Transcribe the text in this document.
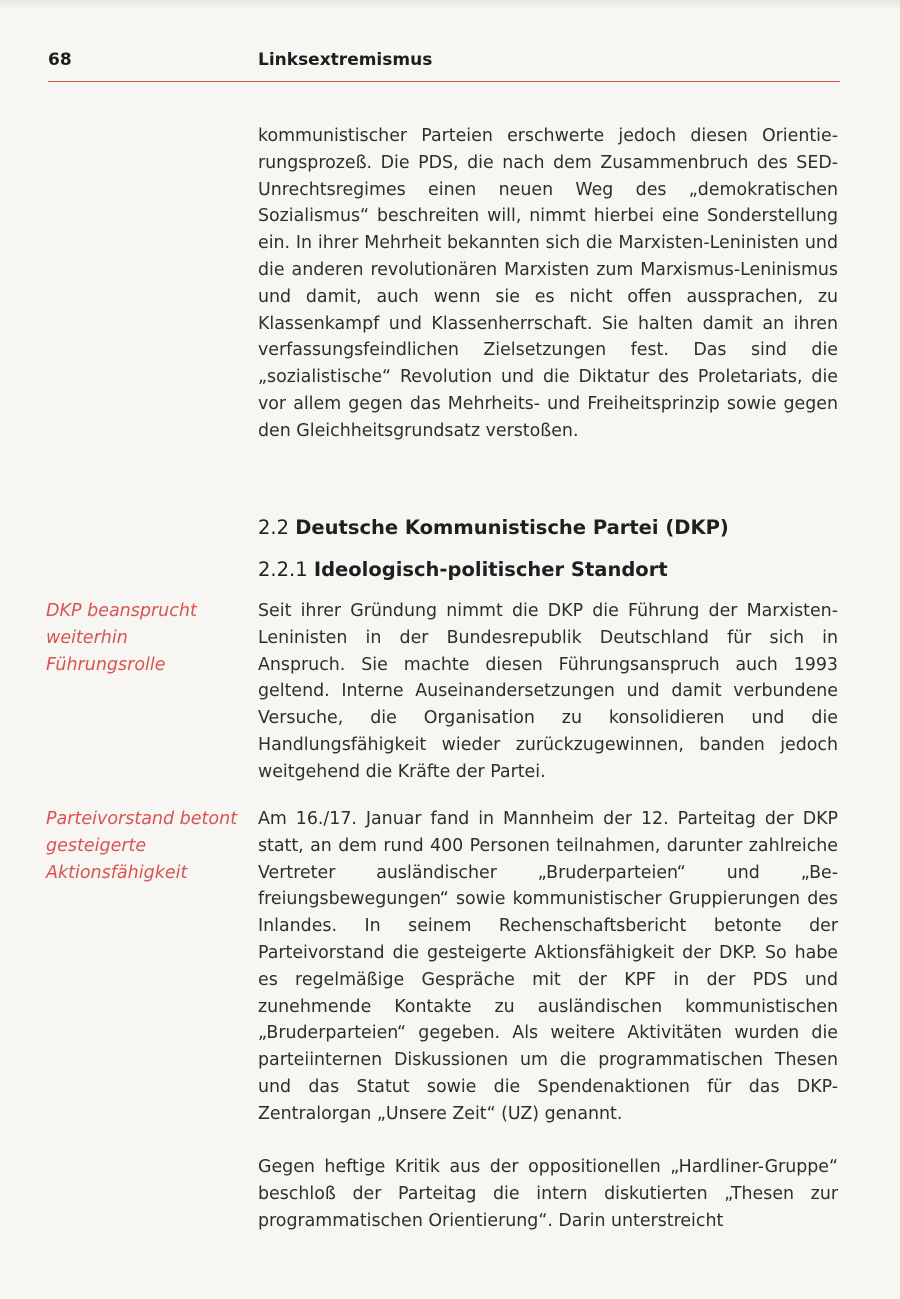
68	Linksextremismus

kommunistischer Parteien erschwerte jedoch diesen Orientierungsprozeß. Die PDS, die nach dem Zusammenbruch des SED-Unrechtsregimes einen neuen Weg des „demokratischen Sozialismus“ beschreiten will, nimmt hierbei eine Sonderstellung ein. In ihrer Mehrheit bekannten sich die Marxisten-Leninisten und die anderen revolutionären Marxisten zum Marxismus-Leninismus und damit, auch wenn sie es nicht offen aussprachen, zu Klassenkampf und Klassenherrschaft. Sie halten damit an ihren verfassungsfeindlichen Zielsetzungen fest. Das sind die „sozialistische“ Revolution und die Diktatur des Proletariats, die vor allem gegen das Mehrheits- und Freiheitsprinzip sowie gegen den Gleichheitsgrundsatz verstoßen.

2.2 Deutsche Kommunistische Partei (DKP)
2.2.1 Ideologisch-politischer Standort
DKP beansprucht weiterhin Führungsrolle
Parteivorstand betont gesteigerte Aktionsfähigkeit

Seit ihrer Gründung nimmt die DKP die Führung der Marxisten-Leninisten in der Bundesrepublik Deutschland für sich in Anspruch. Sie machte diesen Führungsanspruch auch 1993 geltend. Interne Auseinandersetzungen und damit verbundene Versuche, die Organisation zu konsolidieren und die Handlungsfähigkeit wieder zurückzugewinnen, banden jedoch weitgehend die Kräfte der Partei.

Am 16./17. Januar fand in Mannheim der 12. Parteitag der DKP statt, an dem rund 400 Personen teilnahmen, darunter zahlreiche Vertreter ausländischer „Bruderparteien“ und „Befreiungsbewegungen“ sowie kommunistischer Gruppierungen des Inlandes. In seinem Rechenschaftsbericht betonte der Parteivorstand die gesteigerte Aktionsfähigkeit der DKP. So habe es regelmäßige Gespräche mit der KPF in der PDS und zunehmende Kontakte zu ausländischen kommunistischen „Bruderparteien“ gegeben. Als weitere Aktivitäten wurden die parteiinternen Diskussionen um die programmatischen Thesen und das Statut sowie die Spendenaktionen für das DKP-Zentralorgan „Unsere Zeit“ (UZ) genannt.

Gegen heftige Kritik aus der oppositionellen „Hardliner-Gruppe“ beschloß der Parteitag die intern diskutierten „Thesen zur programmatischen Orientierung“. Darin unterstreicht
